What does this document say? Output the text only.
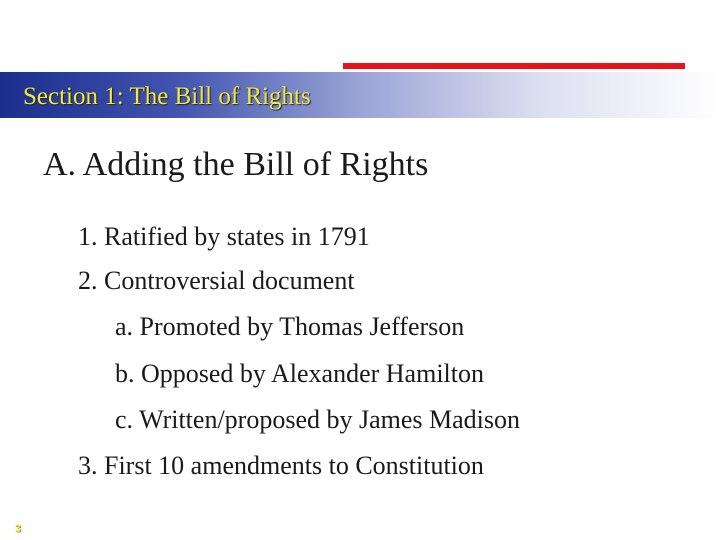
Section 1: The Bill of Rights
A. Adding the Bill of Rights
1. Ratified by states in 1791
2. Controversial document
a. Promoted by Thomas Jefferson
b. Opposed by Alexander Hamilton
c. Written/proposed by James Madison
3. First 10 amendments to Constitution
3
